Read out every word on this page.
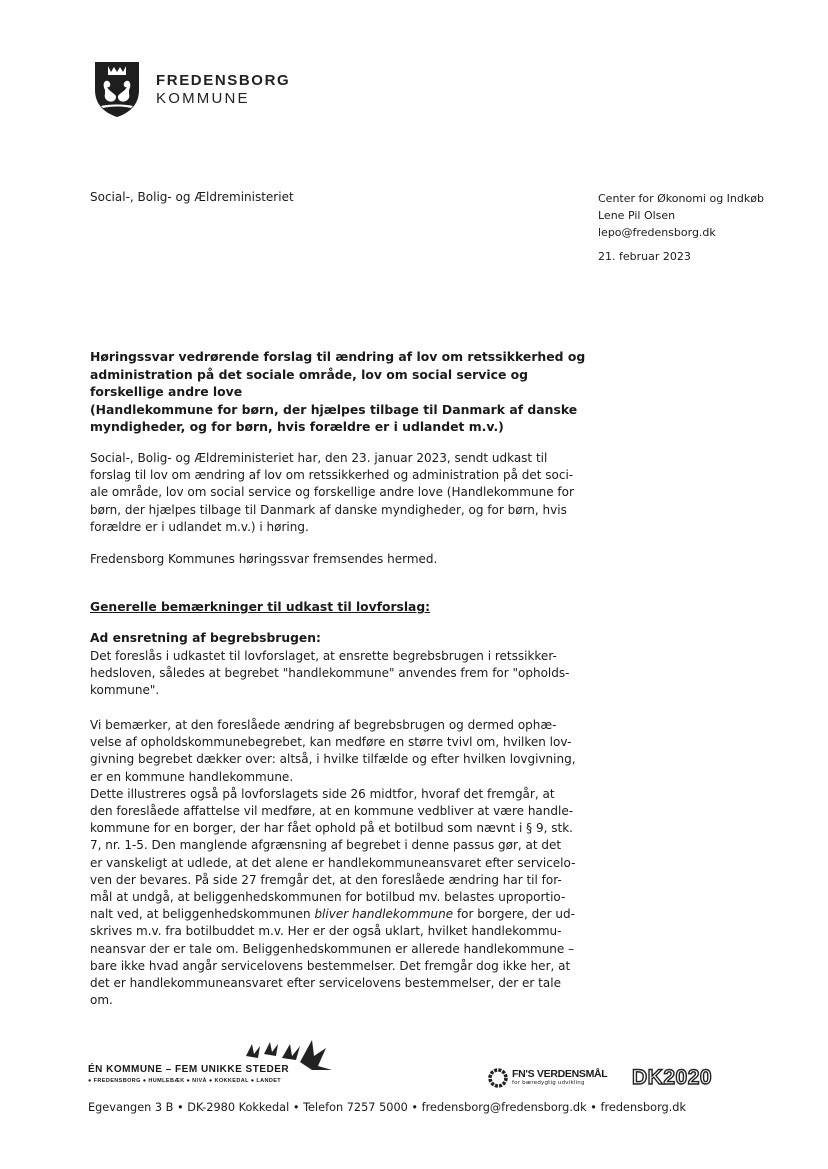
FREDENSBORG
KOMMUNE
Social-, Bolig- og Ældreministeriet	Center for Økonomi og Indkøb
Lene Pil Olsen
lepo@fredensborg.dk
21. februar 2023
Høringssvar vedrørende forslag til ændring af lov om retssikkerhed og
administration på det sociale område, lov om social service og
forskellige andre love
(Handlekommune for børn, der hjælpes tilbage til Danmark af danske
myndigheder, og for børn, hvis forældre er i udlandet m.v.)
Social-, Bolig- og Ældreministeriet har, den 23. januar 2023, sendt udkast til
forslag til lov om ændring af lov om retssikkerhed og administration på det soci-
ale område, lov om social service og forskellige andre love (Handlekommune for
børn, der hjælpes tilbage til Danmark af danske myndigheder, og for børn, hvis
forældre er i udlandet m.v.) i høring.
Fredensborg Kommunes høringssvar fremsendes hermed.
Generelle bemærkninger til udkast til lovforslag:
Ad ensretning af begrebsbrugen:
Det foreslås i udkastet til lovforslaget, at ensrette begrebsbrugen i retssikker-
hedsloven, således at begrebet "handlekommune" anvendes frem for "opholds-
kommune".
Vi bemærker, at den foreslåede ændring af begrebsbrugen og dermed ophæ-
velse af opholdskommunebegrebet, kan medføre en større tvivl om, hvilken lov-
givning begrebet dækker over: altså, i hvilke tilfælde og efter hvilken lovgivning,
er en kommune handlekommune.
Dette illustreres også på lovforslagets side 26 midtfor, hvoraf det fremgår, at
den foreslåede affattelse vil medføre, at en kommune vedbliver at være handle-
kommune for en borger, der har fået ophold på et botilbud som nævnt i § 9, stk.
7, nr. 1-5. Den manglende afgrænsning af begrebet i denne passus gør, at det
er vanskeligt at udlede, at det alene er handlekommuneansvaret efter servicelo-
ven der bevares. På side 27 fremgår det, at den foreslåede ændring har til for-
mål at undgå, at beliggenhedskommunen for botilbud mv. belastes uproportio-
nalt ved, at beliggenhedskommunen bliver handlekommune for borgere, der ud-
skrives m.v. fra botilbuddet m.v. Her er der også uklart, hvilket handlekommu-
neansvar der er tale om. Beliggenhedskommunen er allerede handlekommune –
bare ikke hvad angår servicelovens bestemmelser. Det fremgår dog ikke her, at
det er handlekommuneansvaret efter servicelovens bestemmelser, der er tale
om.
ÉN KOMMUNE – FEM UNIKKE STEDER
● FREDENSBORG ● HUMLEBÆK ● NIVÅ ● KOKKEDAL ● LANDET
FN'S VERDENSMÅL
for bæredygtig udvikling	DK2020
Egevangen 3 B • DK-2980 Kokkedal • Telefon 7257 5000 • fredensborg@fredensborg.dk • fredensborg.dk
